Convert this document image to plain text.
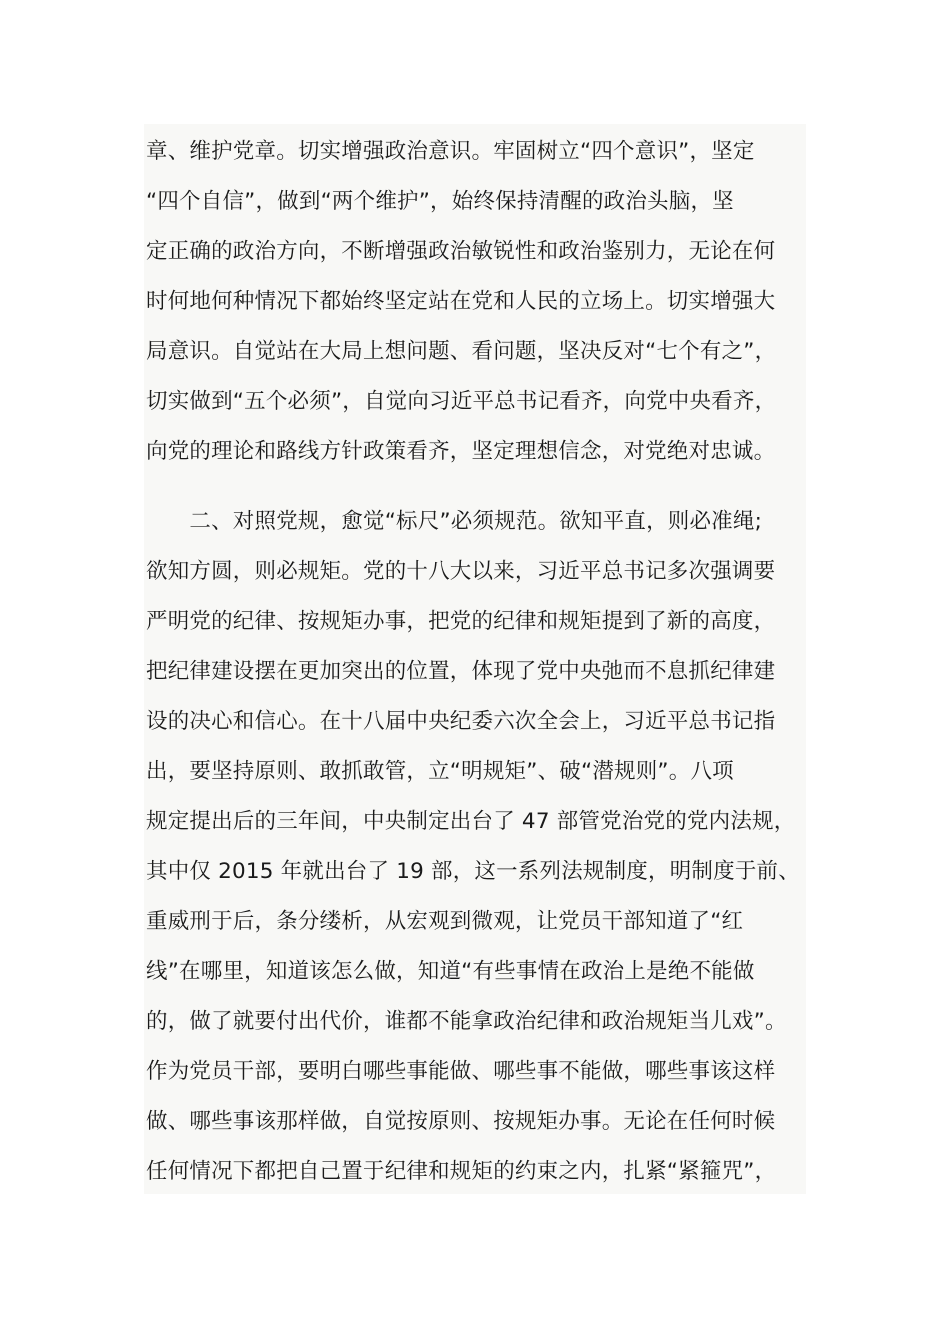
章、维护党章。切实增强政治意识。牢固树立“四个意识”，坚定
“四个自信”，做到“两个维护”，始终保持清醒的政治头脑，坚
定正确的政治方向，不断增强政治敏锐性和政治鉴别力，无论在何
时何地何种情况下都始终坚定站在党和人民的立场上。切实增强大
局意识。自觉站在大局上想问题、看问题，坚决反对“七个有之”，
切实做到“五个必须”，自觉向习近平总书记看齐，向党中央看齐，
向党的理论和路线方针政策看齐，坚定理想信念，对党绝对忠诚。
　　二、对照党规，愈觉“标尺”必须规范。欲知平直，则必准绳;
欲知方圆，则必规矩。党的十八大以来，习近平总书记多次强调要
严明党的纪律、按规矩办事，把党的纪律和规矩提到了新的高度，
把纪律建设摆在更加突出的位置，体现了党中央弛而不息抓纪律建
设的决心和信心。在十八届中央纪委六次全会上，习近平总书记指
出，要坚持原则、敢抓敢管，立“明规矩”、破“潜规则”。八项
规定提出后的三年间，中央制定出台了 47 部管党治党的党内法规，
其中仅 2015 年就出台了 19 部，这一系列法规制度，明制度于前、
重威刑于后，条分缕析，从宏观到微观，让党员干部知道了“红
线”在哪里，知道该怎么做，知道“有些事情在政治上是绝不能做
的，做了就要付出代价，谁都不能拿政治纪律和政治规矩当儿戏”。
作为党员干部，要明白哪些事能做、哪些事不能做，哪些事该这样
做、哪些事该那样做，自觉按原则、按规矩办事。无论在任何时候
任何情况下都把自己置于纪律和规矩的约束之内，扎紧“紧箍咒”，
